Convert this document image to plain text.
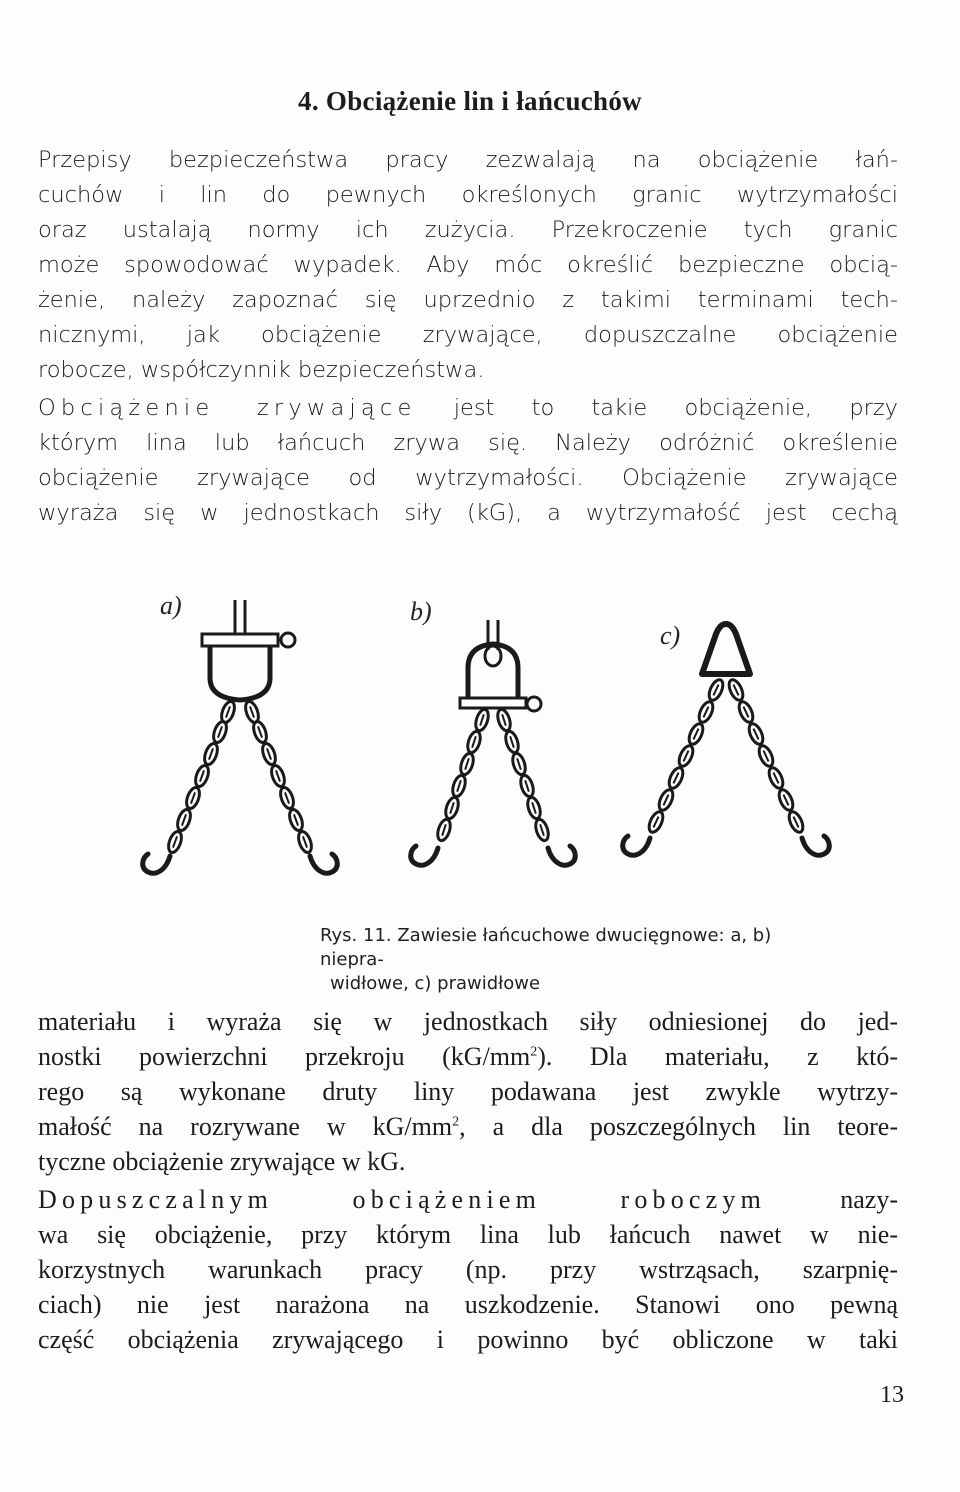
4. Obciążenie lin i łańcuchów
Przepisy bezpieczeństwa pracy zezwalają na obciążenie łań-
cuchów i lin do pewnych określonych granic wytrzymałości
oraz ustalają normy ich zużycia. Przekroczenie tych granic
może spowodować wypadek. Aby móc określić bezpieczne obcią-
żenie, należy zapoznać się uprzednio z takimi terminami tech-
nicznymi, jak obciążenie zrywające, dopuszczalne obciążenie
robocze, współczynnik bezpieczeństwa.
Obciążenie zrywające jest to takie obciążenie, przy
którym lina lub łańcuch zrywa się. Należy odróżnić określenie
obciążenie zrywające od wytrzymałości. Obciążenie zrywające
wyraża się w jednostkach siły (kG), a wytrzymałość jest cechą
a)	b)
c)
Rys. 11. Zawiesie łańcuchowe dwucięgnowe: a, b) niepra-
widłowe, c) prawidłowe
materiału i wyraża się w jednostkach siły odniesionej do jed-
nostki powierzchni przekroju $(kG/mm^2)$. Dla materiału, z któ-
rego są wykonane druty liny podawana jest zwykle wytrzy-
małość na rozrywane w $kG/mm^2$, a dla poszczególnych lin teore-
tyczne obciążenie zrywające w kG.
Dopuszczalnym obciążeniem roboczym nazy-
wa się obciążenie, przy którym lina lub łańcuch nawet w nie-
korzystnych warunkach pracy (np. przy wstrząsach, szarpnię-
ciach) nie jest narażona na uszkodzenie. Stanowi ono pewną
część obciążenia zrywającego i powinno być obliczone w taki
13
